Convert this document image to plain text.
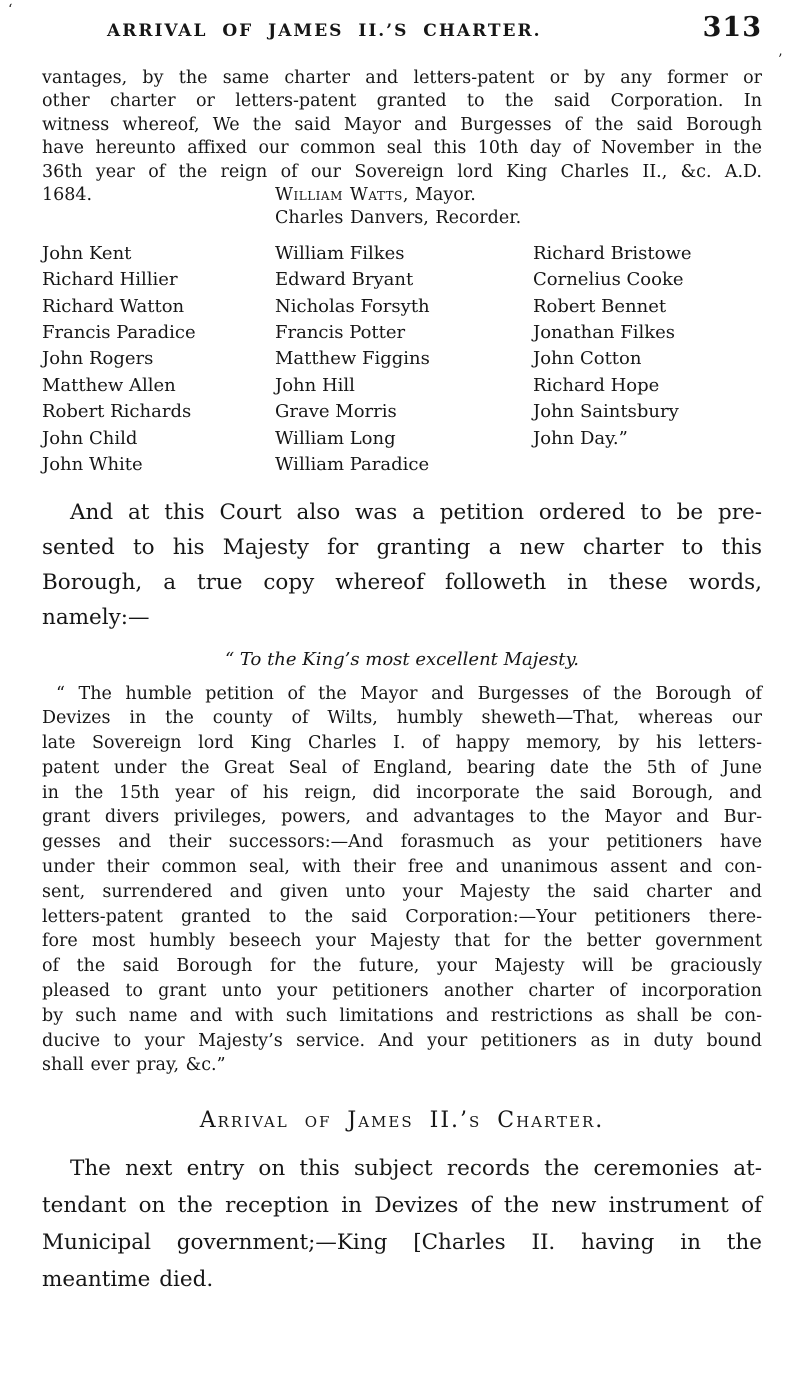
ARRIVAL OF JAMES II.’S CHARTER.	313
vantages, by the same charter and letters-patent or by any former or
other charter or letters-patent granted to the said Corporation. In
witness whereof, We the said Mayor and Burgesses of the said Borough
have hereunto affixed our common seal this 10th day of November in the
36th year of the reign of our Sovereign lord King Charles II., &c. A.D.
1684.	William Watts, Mayor.
Charles Danvers, Recorder.
John Kent
Richard Hillier
Richard Watton
Francis Paradice
John Rogers
Matthew Allen
Robert Richards
John Child
John White
William Filkes
Edward Bryant
Nicholas Forsyth
Francis Potter
Matthew Figgins
John Hill
Grave Morris
William Long
William Paradice
Richard Bristowe
Cornelius Cooke
Robert Bennet
Jonathan Filkes
John Cotton
Richard Hope
John Saintsbury
John Day.”
And at this Court also was a petition ordered to be pre-
sented to his Majesty for granting a new charter to this
Borough, a true copy whereof followeth in these words,
namely:—
“ To the King’s most excellent Majesty.
“ The humble petition of the Mayor and Burgesses of the Borough of
Devizes in the county of Wilts, humbly sheweth—That, whereas our
late Sovereign lord King Charles I. of happy memory, by his letters-
patent under the Great Seal of England, bearing date the 5th of June
in the 15th year of his reign, did incorporate the said Borough, and
grant divers privileges, powers, and advantages to the Mayor and Bur-
gesses and their successors:—And forasmuch as your petitioners have
under their common seal, with their free and unanimous assent and con-
sent, surrendered and given unto your Majesty the said charter and
letters-patent granted to the said Corporation:—Your petitioners there-
fore most humbly beseech your Majesty that for the better government
of the said Borough for the future, your Majesty will be graciously
pleased to grant unto your petitioners another charter of incorporation
by such name and with such limitations and restrictions as shall be con-
ducive to your Majesty’s service. And your petitioners as in duty bound
shall ever pray, &c.”
Arrival of James II.’s Charter.
The next entry on this subject records the ceremonies at-
tendant on the reception in Devizes of the new instrument of
Municipal government;—King [Charles II. having in the
meantime died.
‘
’
